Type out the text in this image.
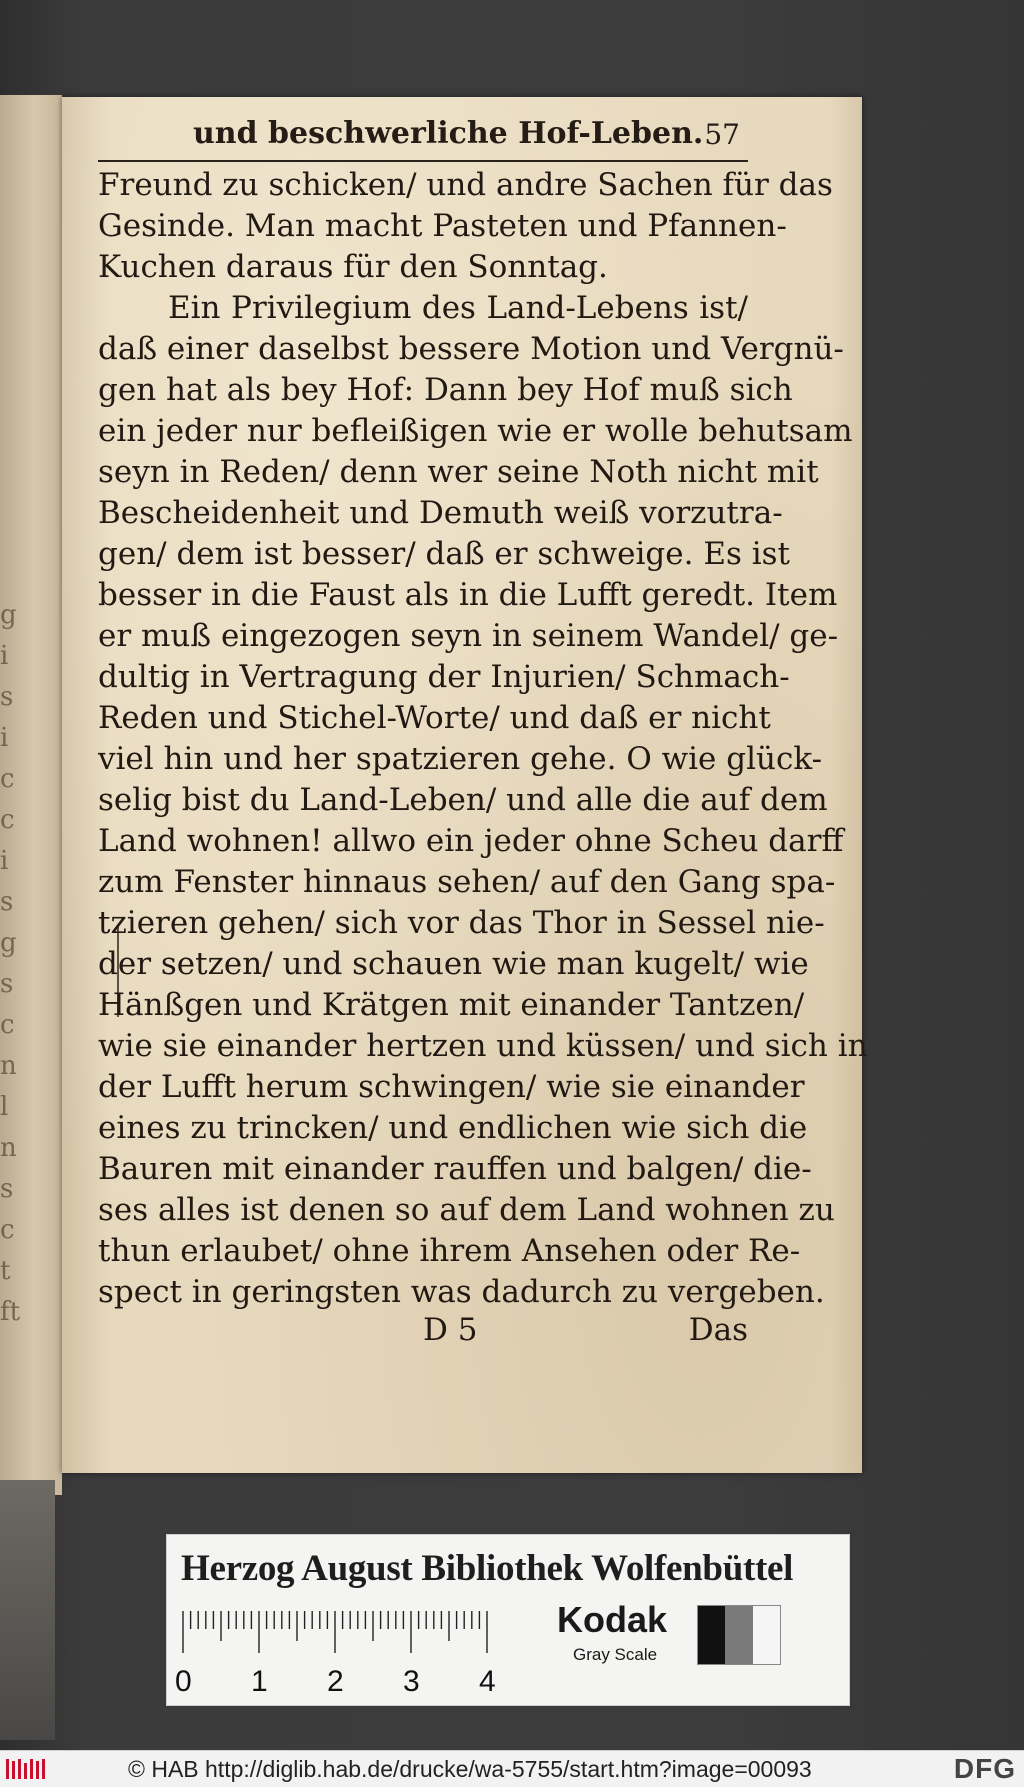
g
i
s
i
c
c
i
s
g
s
c
n
l
n
s
c
t
ft
und beschwerliche Hof-Leben. 57
Freund zu schicken/ und andre Sachen für das
Gesinde. Man macht Pasteten und Pfannen-
Kuchen daraus für den Sonntag.
Ein Privilegium des Land-Lebens ist/
daß einer daselbst bessere Motion und Vergnü-
gen hat als bey Hof: Dann bey Hof muß sich
ein jeder nur befleißigen wie er wolle behutsam
seyn in Reden/ denn wer seine Noth nicht mit
Bescheidenheit und Demuth weiß vorzutra-
gen/ dem ist besser/ daß er schweige. Es ist
besser in die Faust als in die Lufft geredt. Item
er muß eingezogen seyn in seinem Wandel/ ge-
dultig in Vertragung der Injurien/ Schmach-
Reden und Stichel-Worte/ und daß er nicht
viel hin und her spatzieren gehe. O wie glück-
selig bist du Land-Leben/ und alle die auf dem
Land wohnen! allwo ein jeder ohne Scheu darff
zum Fenster hinnaus sehen/ auf den Gang spa-
tzieren gehen/ sich vor das Thor in Sessel nie-
der setzen/ und schauen wie man kugelt/ wie
Hänßgen und Krätgen mit einander Tantzen/
wie sie einander hertzen und küssen/ und sich in
der Lufft herum schwingen/ wie sie einander
eines zu trincken/ und endlichen wie sich die
Bauren mit einander rauffen und balgen/ die-
ses alles ist denen so auf dem Land wohnen zu
thun erlaubet/ ohne ihrem Ansehen oder Re-
spect in geringsten was dadurch zu vergeben.
D 5	Das
Herzog August Bibliothek Wolfenbüttel
0 1 2 3 4
Kodak
Gray Scale
© HAB http://diglib.hab.de/drucke/wa-5755/start.htm?image=00093	DFG
